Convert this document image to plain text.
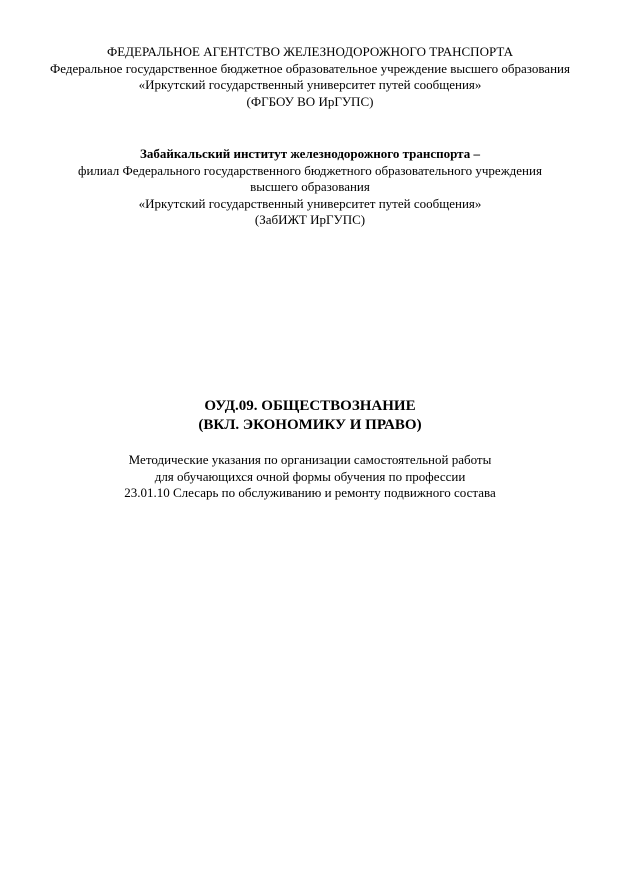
ФЕДЕРАЛЬНОЕ АГЕНТСТВО ЖЕЛЕЗНОДОРОЖНОГО ТРАНСПОРТА
Федеральное государственное бюджетное образовательное учреждение высшего образования
«Иркутский государственный университет путей сообщения»
(ФГБОУ ВО ИрГУПС)
Забайкальский институт железнодорожного транспорта –
филиал Федерального государственного бюджетного образовательного учреждения высшего образования
«Иркутский государственный университет путей сообщения»
(ЗабИЖТ ИрГУПС)
ОУД.09. ОБЩЕСТВОЗНАНИЕ
(ВКЛ. ЭКОНОМИКУ И ПРАВО)
Методические указания по организации самостоятельной работы
для обучающихся очной формы обучения по профессии
23.01.10 Слесарь по обслуживанию и ремонту подвижного состава
